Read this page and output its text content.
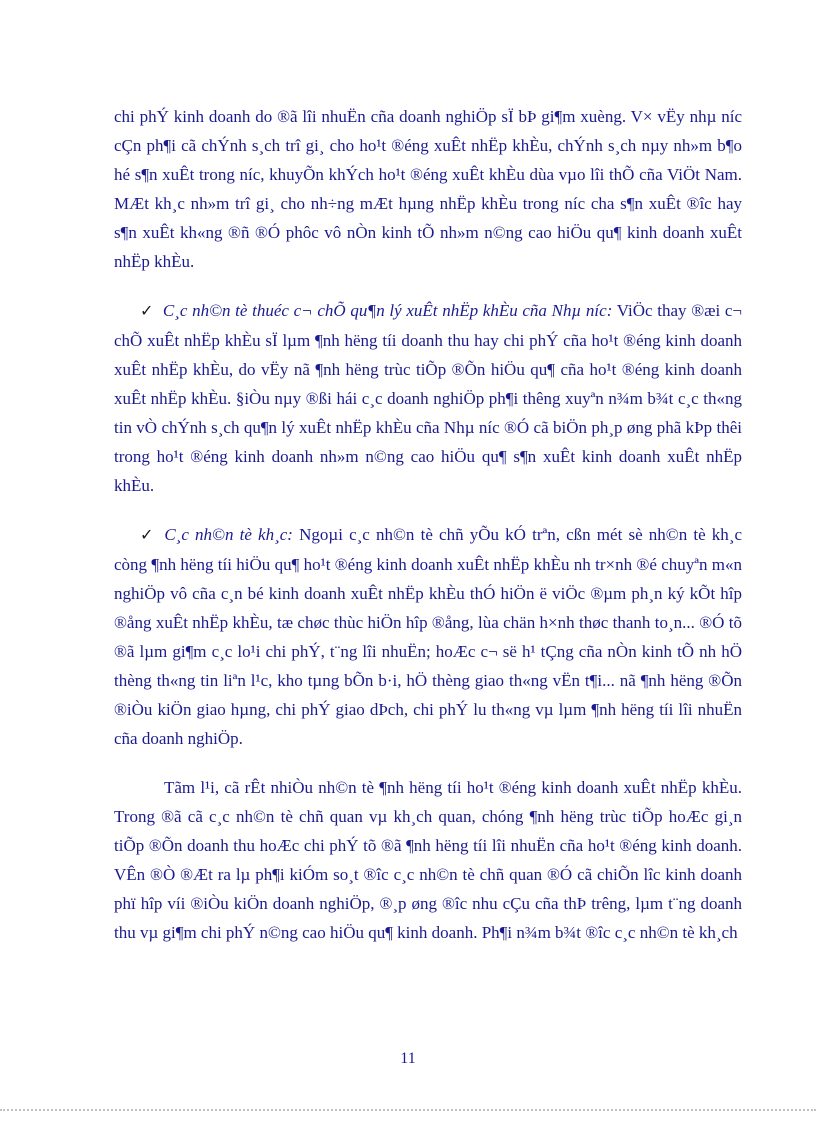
chi phÝ kinh doanh do ®ã lîi nhuËn cña doanh nghiÖp sÏ bÞ gi¶m xuèng. V× vËy nhµ níc cÇn ph¶i cã chÝnh s¸ch trî gi¸ cho ho¹t ®éng xuÊt nhËp khÈu, chÝnh s¸ch nµy nh»m b¶o hé s¶n xuÊt trong níc, khuyÕn khÝch ho¹t ®éng xuÊt khÈu dùa vµo lîi thÕ cña ViÖt Nam. MÆt kh¸c nh»m trî gi¸ cho nh÷ng mÆt hµng nhËp khÈu trong níc cha s¶n xuÊt ®îc hay s¶n xuÊt kh«ng ®ñ ®Ó phôc vô nÒn kinh tÕ nh»m n©ng cao hiÖu qu¶ kinh doanh xuÊt nhËp khÈu.

✓ C¸c nh©n tè thuéc c¬ chÕ qu¶n lý xuÊt nhËp khÈu cña Nhµ níc: ViÖc thay ®æi c¬ chÕ xuÊt nhËp khÈu sÏ lµm ¶nh hëng tíi doanh thu hay chi phÝ cña ho¹t ®éng kinh doanh xuÊt nhËp khÈu, do vËy nã ¶nh hëng trùc tiÕp ®Õn hiÖu qu¶ cña ho¹t ®éng kinh doanh xuÊt nhËp khÈu. §iÒu nµy ®ßi hái c¸c doanh nghiÖp ph¶i thêng xuyªn n¾m b¾t c¸c th«ng tin vÒ chÝnh s¸ch qu¶n lý xuÊt nhËp khÈu cña Nhµ níc ®Ó cã biÖn ph¸p øng phã kÞp thêi trong ho¹t ®éng kinh doanh nh»m n©ng cao hiÖu qu¶ s¶n xuÊt kinh doanh xuÊt nhËp khÈu.

✓ C¸c nh©n tè kh¸c: Ngoµi c¸c nh©n tè chñ yÕu kÓ trªn, cßn mét sè nh©n tè kh¸c còng ¶nh hëng tíi hiÖu qu¶ ho¹t ®éng kinh doanh xuÊt nhËp khÈu nh tr×nh ®é chuyªn m«n nghiÖp vô cña c¸n bé kinh doanh xuÊt nhËp khÈu thÓ hiÖn ë viÖc ®µm ph¸n ký kÕt hîp ®ång xuÊt nhËp khÈu, tæ chøc thùc hiÖn hîp ®ång, lùa chän h×nh thøc thanh to¸n... ®Ó tõ ®ã lµm gi¶m c¸c lo¹i chi phÝ, t¨ng lîi nhuËn; hoÆc c¬ së h¹ tÇng cña nÒn kinh tÕ nh hÖ thèng th«ng tin liªn l¹c, kho tµng bÕn b·i, hÖ thèng giao th«ng vËn t¶i... nã ¶nh hëng ®Õn ®iÒu kiÖn giao hµng, chi phÝ giao dÞch, chi phÝ lu th«ng vµ lµm ¶nh hëng tíi lîi nhuËn cña doanh nghiÖp.

Tãm l¹i, cã rÊt nhiÒu nh©n tè ¶nh hëng tíi ho¹t ®éng kinh doanh xuÊt nhËp khÈu. Trong ®ã cã c¸c nh©n tè chñ quan vµ kh¸ch quan, chóng ¶nh hëng trùc tiÕp hoÆc gi¸n tiÕp ®Õn doanh thu hoÆc chi phÝ tõ ®ã ¶nh hëng tíi lîi nhuËn cña ho¹t ®éng kinh doanh. VÊn ®Ò ®Æt ra lµ ph¶i kiÓm so¸t ®îc c¸c nh©n tè chñ quan ®Ó cã chiÕn lîc kinh doanh phï hîp víi ®iÒu kiÖn doanh nghiÖp, ®¸p øng ®îc nhu cÇu cña thÞ trêng, lµm t¨ng doanh thu vµ gi¶m chi phÝ n©ng cao hiÖu qu¶ kinh doanh. Ph¶i n¾m b¾t ®îc c¸c nh©n tè kh¸ch

11
